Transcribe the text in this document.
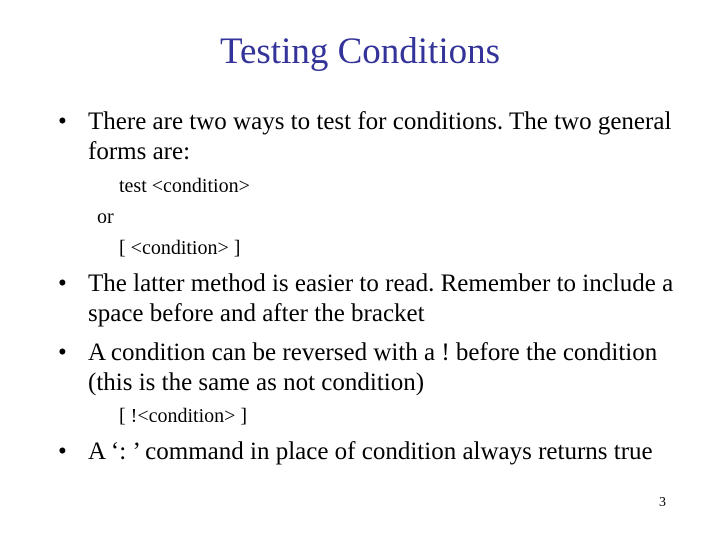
Testing Conditions
• There are two ways to test for conditions. The two general forms are:
test <condition>
or
[ <condition> ]
• The latter method is easier to read. Remember to include a space before and after the bracket
• A condition can be reversed with a ! before the condition (this is the same as not condition)
[ !<condition> ]
• A ‘: ’ command in place of condition always returns true
3
